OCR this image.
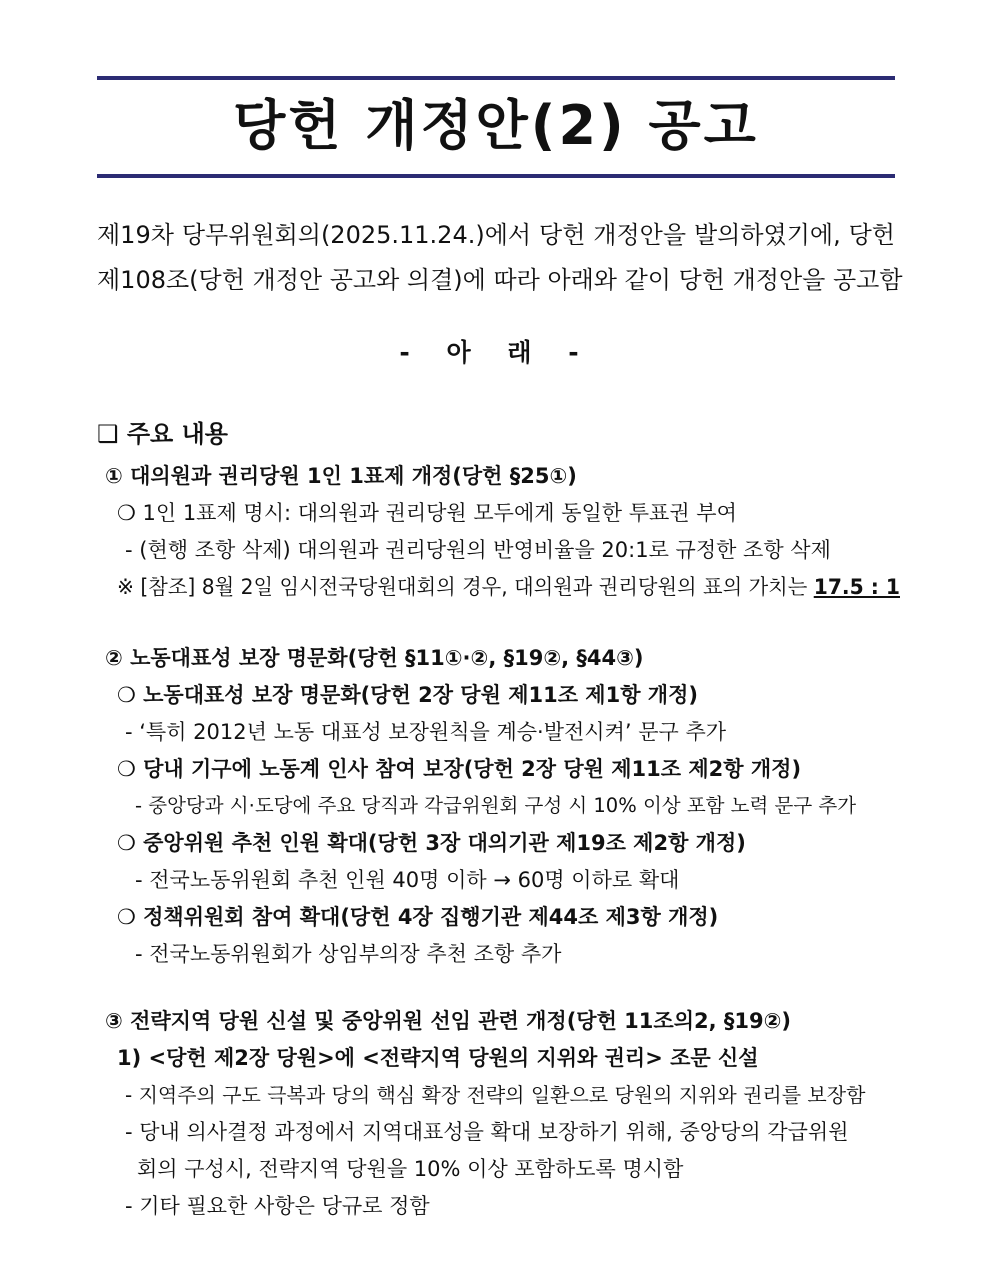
당헌 개정안(2) 공고
제19차 당무위원회의(2025.11.24.)에서 당헌 개정안을 발의하였기에, 당헌
제108조(당헌 개정안 공고와 의결)에 따라 아래와 같이 당헌 개정안을 공고함
- 아 래 -
❑ 주요 내용
① 대의원과 권리당원 1인 1표제 개정(당헌 §25①)
❍ 1인 1표제 명시: 대의원과 권리당원 모두에게 동일한 투표권 부여
- (현행 조항 삭제) 대의원과 권리당원의 반영비율을 20:1로 규정한 조항 삭제
※ [참조] 8월 2일 임시전국당원대회의 경우, 대의원과 권리당원의 표의 가치는 17.5 : 1
② 노동대표성 보장 명문화(당헌 §11①·②, §19②, §44③)
❍ 노동대표성 보장 명문화(당헌 2장 당원 제11조 제1항 개정)
- ‘특히 2012년 노동 대표성 보장원칙을 계승·발전시켜’ 문구 추가
❍ 당내 기구에 노동계 인사 참여 보장(당헌 2장 당원 제11조 제2항 개정)
- 중앙당과 시·도당에 주요 당직과 각급위원회 구성 시 10% 이상 포함 노력 문구 추가
❍ 중앙위원 추천 인원 확대(당헌 3장 대의기관 제19조 제2항 개정)
- 전국노동위원회 추천 인원 40명 이하 → 60명 이하로 확대
❍ 정책위원회 참여 확대(당헌 4장 집행기관 제44조 제3항 개정)
- 전국노동위원회가 상임부의장 추천 조항 추가
③ 전략지역 당원 신설 및 중앙위원 선임 관련 개정(당헌 11조의2, §19②)
1) <당헌 제2장 당원>에 <전략지역 당원의 지위와 권리> 조문 신설
- 지역주의 구도 극복과 당의 핵심 확장 전략의 일환으로 당원의 지위와 권리를 보장함
- 당내 의사결정 과정에서 지역대표성을 확대 보장하기 위해, 중앙당의 각급위원
회의 구성시, 전략지역 당원을 10% 이상 포함하도록 명시함
- 기타 필요한 사항은 당규로 정함
